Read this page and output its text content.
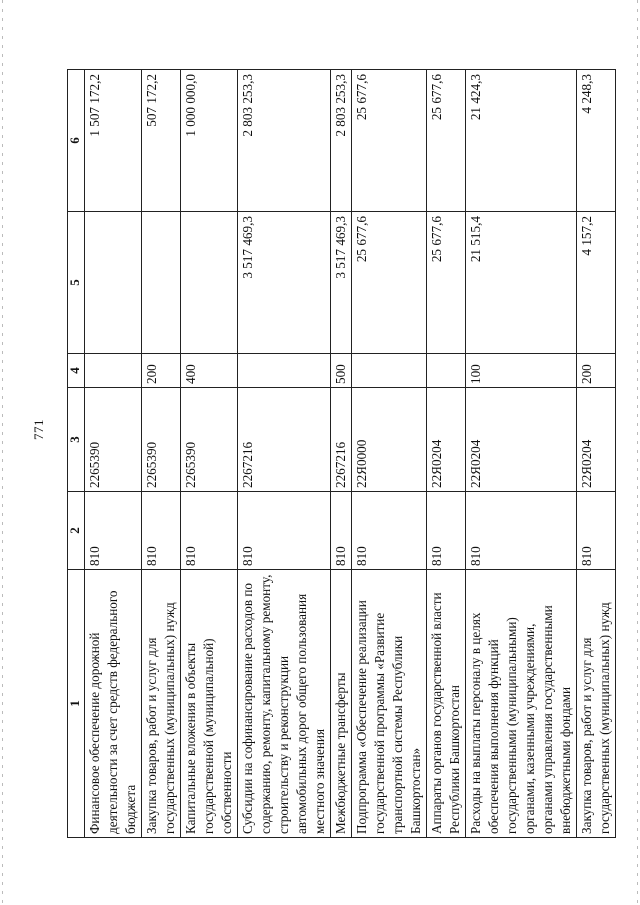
771
1	2	3	4	5	6
Финансовое обеспечение дорожной деятельности за счет средств федерального бюджета	810	2265390			1 507 172,2
Закупка товаров, работ и услуг для государственных (муниципальных) нужд	810	2265390	200		507 172,2
Капитальные вложения в объекты государственной (муниципальной) собственности	810	2265390	400		1 000 000,0
Субсидии на софинансирование расходов по содержанию, ремонту, капитальному ремонту, строительству и реконструкции автомобильных дорог общего пользования местного значения	810	2267216		3 517 469,3	2 803 253,3
Межбюджетные трансферты	810	2267216	500	3 517 469,3	2 803 253,3
Подпрограмма «Обеспечение реализации государственной программы «Развитие транспортной системы Республики Башкортостан»	810	22Я0000		25 677,6	25 677,6
Аппараты органов государственной власти Республики Башкортостан	810	22Я0204		25 677,6	25 677,6
Расходы на выплаты персоналу в целях обеспечения выполнения функций государственными (муниципальными) органами, казенными учреждениями, органами управления государственными внебюджетными фондами	810	22Я0204	100	21 515,4	21 424,3
Закупка товаров, работ и услуг для государственных (муниципальных) нужд	810	22Я0204	200	4 157,2	4 248,3
